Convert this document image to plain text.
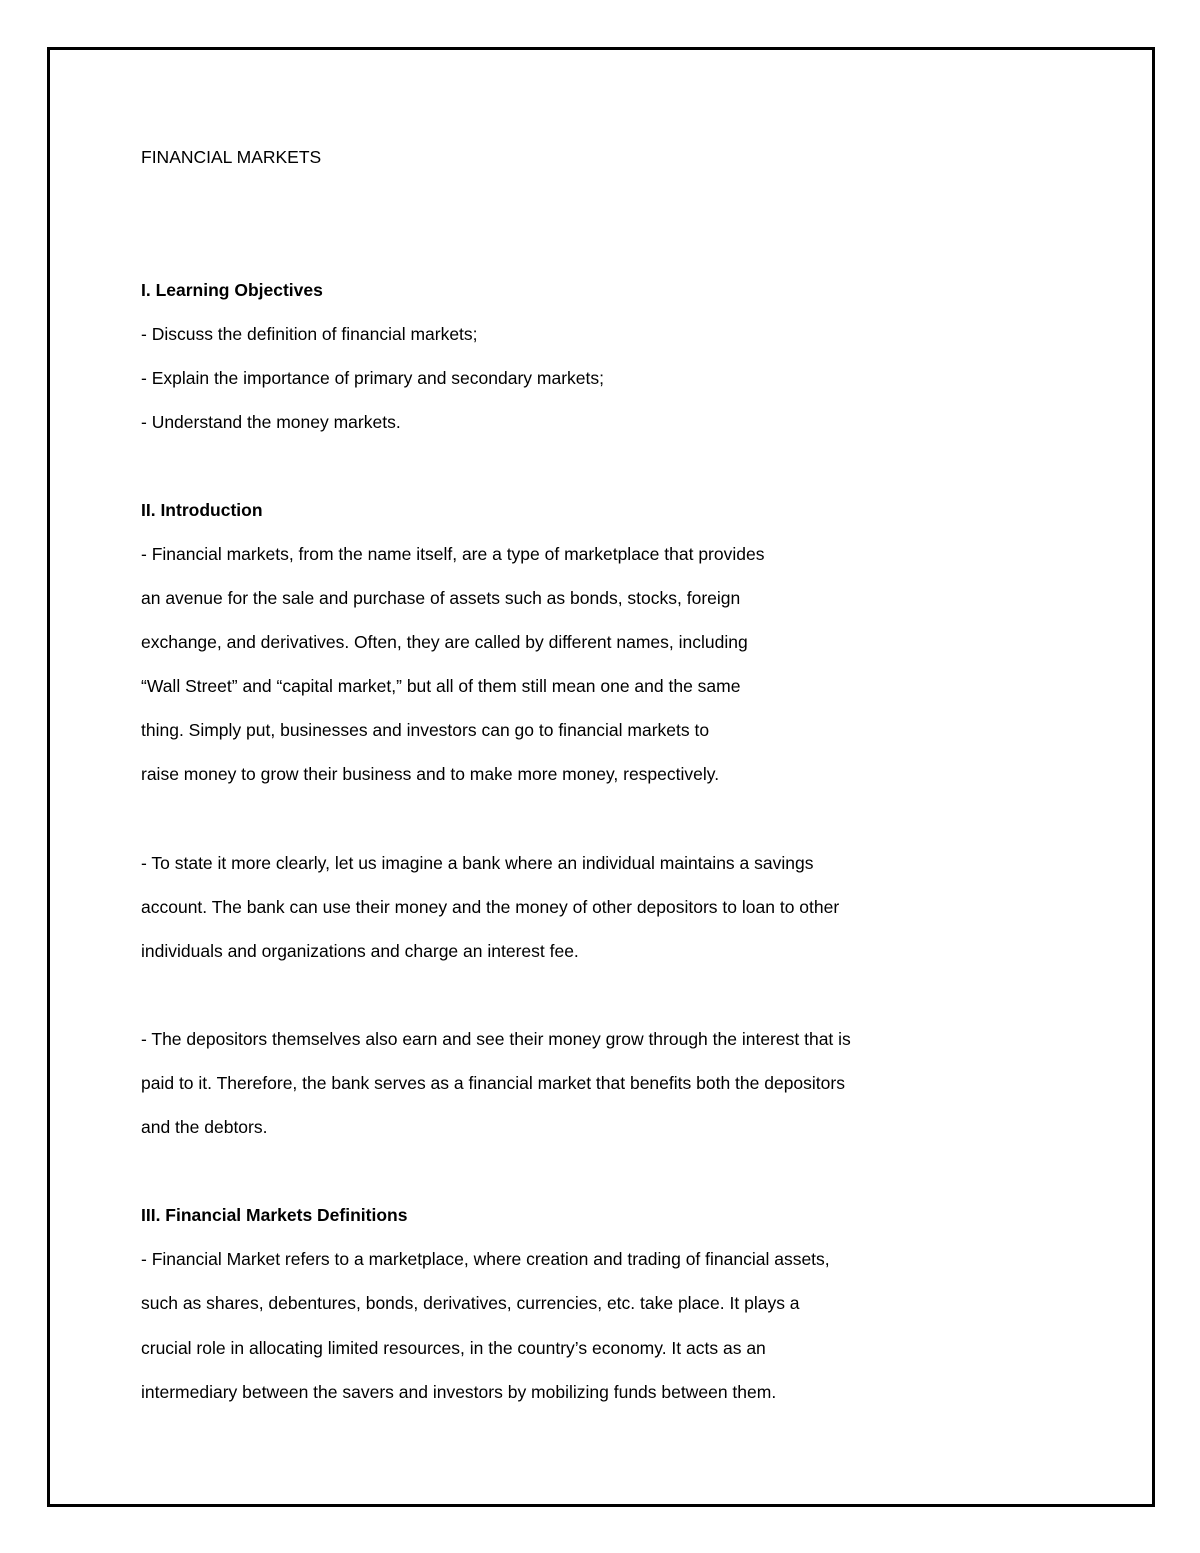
FINANCIAL MARKETS
I. Learning Objectives
- Discuss the definition of financial markets;
- Explain the importance of primary and secondary markets;
- Understand the money markets.
II. Introduction
- Financial markets, from the name itself, are a type of marketplace that provides
an avenue for the sale and purchase of assets such as bonds, stocks, foreign
exchange, and derivatives. Often, they are called by different names, including
“Wall Street” and “capital market,” but all of them still mean one and the same
thing. Simply put, businesses and investors can go to financial markets to
raise money to grow their business and to make more money, respectively.
- To state it more clearly, let us imagine a bank where an individual maintains a savings
account. The bank can use their money and the money of other depositors to loan to other
individuals and organizations and charge an interest fee.
- The depositors themselves also earn and see their money grow through the interest that is
paid to it. Therefore, the bank serves as a financial market that benefits both the depositors
and the debtors.
III. Financial Markets Definitions
- Financial Market refers to a marketplace, where creation and trading of financial assets,
such as shares, debentures, bonds, derivatives, currencies, etc. take place. It plays a
crucial role in allocating limited resources, in the country’s economy. It acts as an
intermediary between the savers and investors by mobilizing funds between them.
